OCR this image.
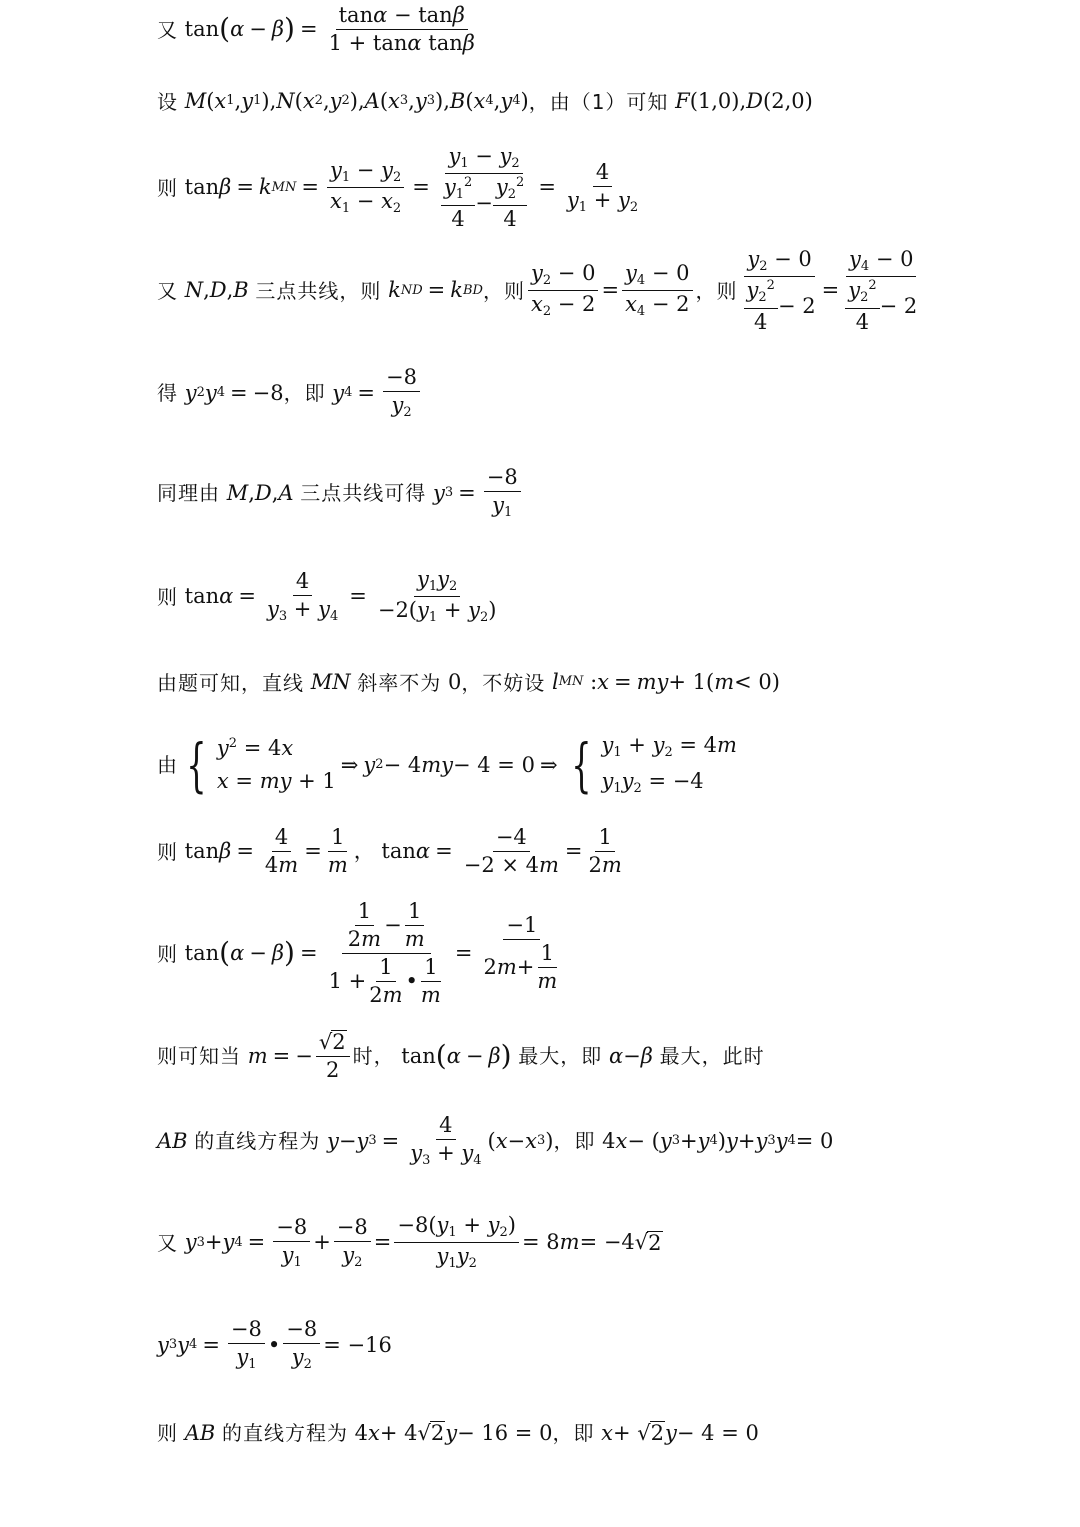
又 tan ( α − β ) = $\frac{\tan\alpha - \tan\beta}{\text{1 + tanα tanβ}}$
设
M ( x 1 , y 1 ), N ( x 2 , y 2 ), A ( x 3 , y 3 ), B ( x 4 , y 4 ) ，由（1）可知
F (1,0), D (2,0)
则 tan β = k MN = $\frac{y_1 - y_2}{x_1 - x_2} = \frac{y_1 - y_2}{\frac{y_1^2}{4} - \frac{y_2^2}{4}} = \frac{4}{y_1 + y_2}$
又
N , D , B
三点共线，则
k ND = k BD ，则 $\frac{y_2 - 0}{x_2 - 2} = \frac{y_4 - 0}{x_4 - 2}$ ，则 $\frac{y_2 - 0}{\frac{y_2^2}{4} - 2} = \frac{y_4 - 0}{\frac{y_2^2}{4} - 2}$
得
y 2 y 4 = −8 ，即
y $4 = \frac{-8}{y_2}$
同理由
M , D , A
三点共线可得
y $3 = \frac{-8}{y_1}$
则 $\tan \alpha = \frac{4}{y_3 + y_4} = \frac{y_1y_2}{-2(y_1 + y_2)}$
由题可知，直线
MN
斜率不为 0 ，不妨设
l MN : x = my + 1( m < 0)
由 { $y^2 = 4x$
x = my + 1
⇒ y 2 − 4 my − 4 = 0 ⇒ { $y_1 + y_2 = 4m$
$y_1y_2 = -4$
则 $\tan \beta = \frac{4}{4m} = \frac{1}{m}$ ， $\tan \alpha = \frac{-4}{-2 \times 4m} = \frac{1}{2m}$
则 tan ( α − β ) = $\frac{\frac{1}{2m} - \frac{1}{m}}{1 + \frac{1}{2m} • \frac{1}{m}} = \frac{-1}{2 m + \frac{1}{m}}$
则可知当
m = − $\frac{√2}{2}$ 时， tan ( α − β )
最大，即
α − β
最大，此时
AB
的直线方程为
y − y $3 = \frac{4}{y_3 + y_4}$ ( x − x 3 ) ，即 4 x − ( y 3 + y 4 ) y + y 3 y 4 = 0
又
y 3 + y $4 = \frac{-8}{y_1} + \frac{-8}{y_2} = \frac{-8(y_1 + y_2)}{y_1y_2} = 8$ m = −4√ 2
y 3 y $4 = \frac{-8}{y_1}$ • $\frac{-8}{y_2} = -16$
则
AB
的直线方程为 4 x + 4√ 2 y − 16 = 0 ，即
x + √ 2 y − 4 = 0
